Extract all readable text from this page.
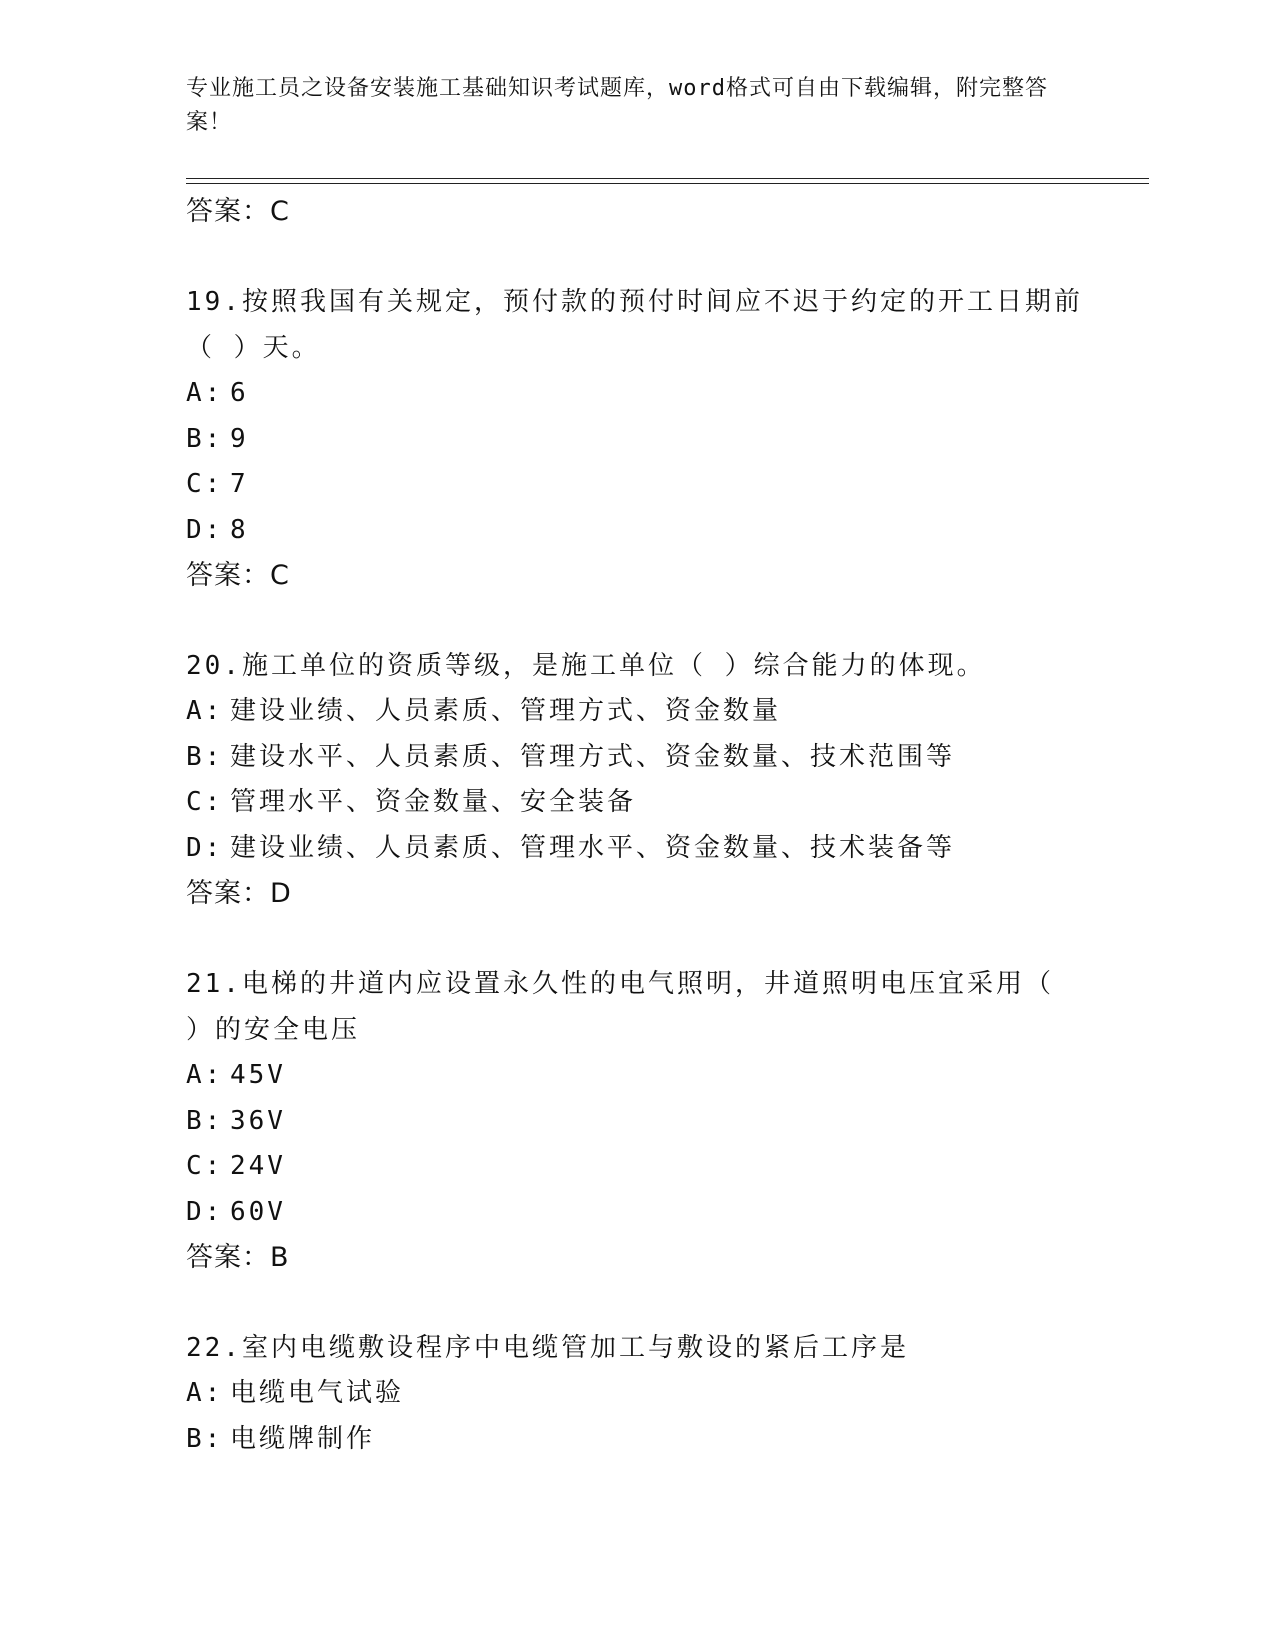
专业施工员之设备安装施工基础知识考试题库，word格式可自由下载编辑，附完整答案！
答案：C
19.按照我国有关规定，预付款的预付时间应不迟于约定的开工日期前
（ ）天。
A: 6
B: 9
C: 7
D: 8
答案：C
20.施工单位的资质等级，是施工单位（ ）综合能力的体现。
A: 建设业绩、人员素质、管理方式、资金数量
B: 建设水平、人员素质、管理方式、资金数量、技术范围等
C: 管理水平、资金数量、安全装备
D: 建设业绩、人员素质、管理水平、资金数量、技术装备等
答案：D
21.电梯的井道内应设置永久性的电气照明，井道照明电压宜采用（
）的安全电压
A: 45V
B: 36V
C: 24V
D: 60V
答案：B
22.室内电缆敷设程序中电缆管加工与敷设的紧后工序是
A: 电缆电气试验
B: 电缆牌制作
